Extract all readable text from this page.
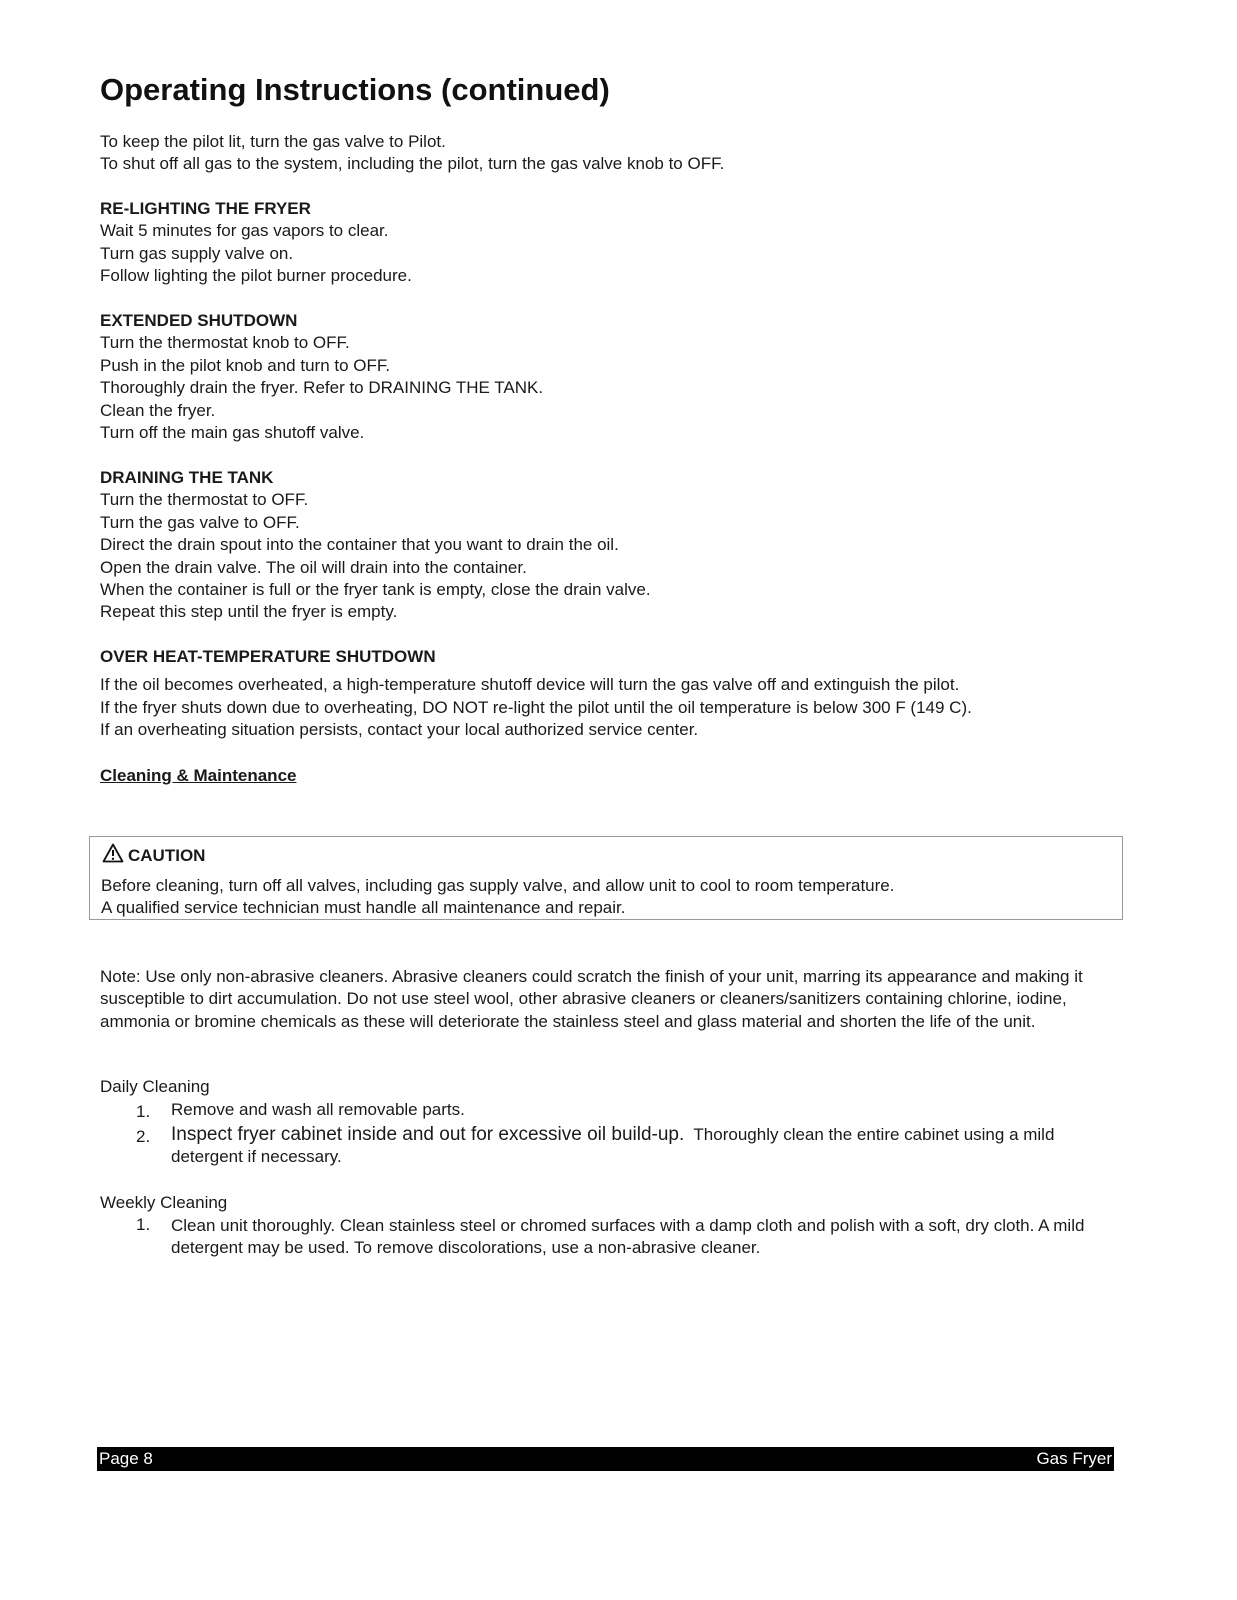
Operating Instructions (continued)
To keep the pilot lit, turn the gas valve to Pilot.
To shut off all gas to the system, including the pilot, turn the gas valve knob to OFF.
RE-LIGHTING THE FRYER
Wait 5 minutes for gas vapors to clear.
Turn gas supply valve on.
Follow lighting the pilot burner procedure.
EXTENDED SHUTDOWN
Turn the thermostat knob to OFF.
Push in the pilot knob and turn to OFF.
Thoroughly drain the fryer. Refer to DRAINING THE TANK.
Clean the fryer.
Turn off the main gas shutoff valve.
DRAINING THE TANK
Turn the thermostat to OFF.
Turn the gas valve to OFF.
Direct the drain spout into the container that you want to drain the oil.
Open the drain valve. The oil will drain into the container.
When the container is full or the fryer tank is empty, close the drain valve.
Repeat this step until the fryer is empty.
OVER HEAT-TEMPERATURE SHUTDOWN
If the oil becomes overheated, a high-temperature shutoff device will turn the gas valve off and extinguish the pilot.
If the fryer shuts down due to overheating, DO NOT re-light the pilot until the oil temperature is below 300 F (149 C).
If an overheating situation persists, contact your local authorized service center.
Cleaning & Maintenance
CAUTION
Before cleaning, turn off all valves, including gas supply valve, and allow unit to cool to room temperature.
A qualified service technician must handle all maintenance and repair.
Note: Use only non-abrasive cleaners. Abrasive cleaners could scratch the finish of your unit, marring its appearance and making it susceptible to dirt accumulation. Do not use steel wool, other abrasive cleaners or cleaners/sanitizers containing chlorine, iodine, ammonia or bromine chemicals as these will deteriorate the stainless steel and glass material and shorten the life of the unit.
Daily Cleaning
1. Remove and wash all removable parts.
2. Inspect fryer cabinet inside and out for excessive oil build-up. Thoroughly clean the entire cabinet using a mild detergent if necessary.
Weekly Cleaning
1. Clean unit thoroughly. Clean stainless steel or chromed surfaces with a damp cloth and polish with a soft, dry cloth. A mild detergent may be used. To remove discolorations, use a non-abrasive cleaner.
Page 8	Gas Fryer
